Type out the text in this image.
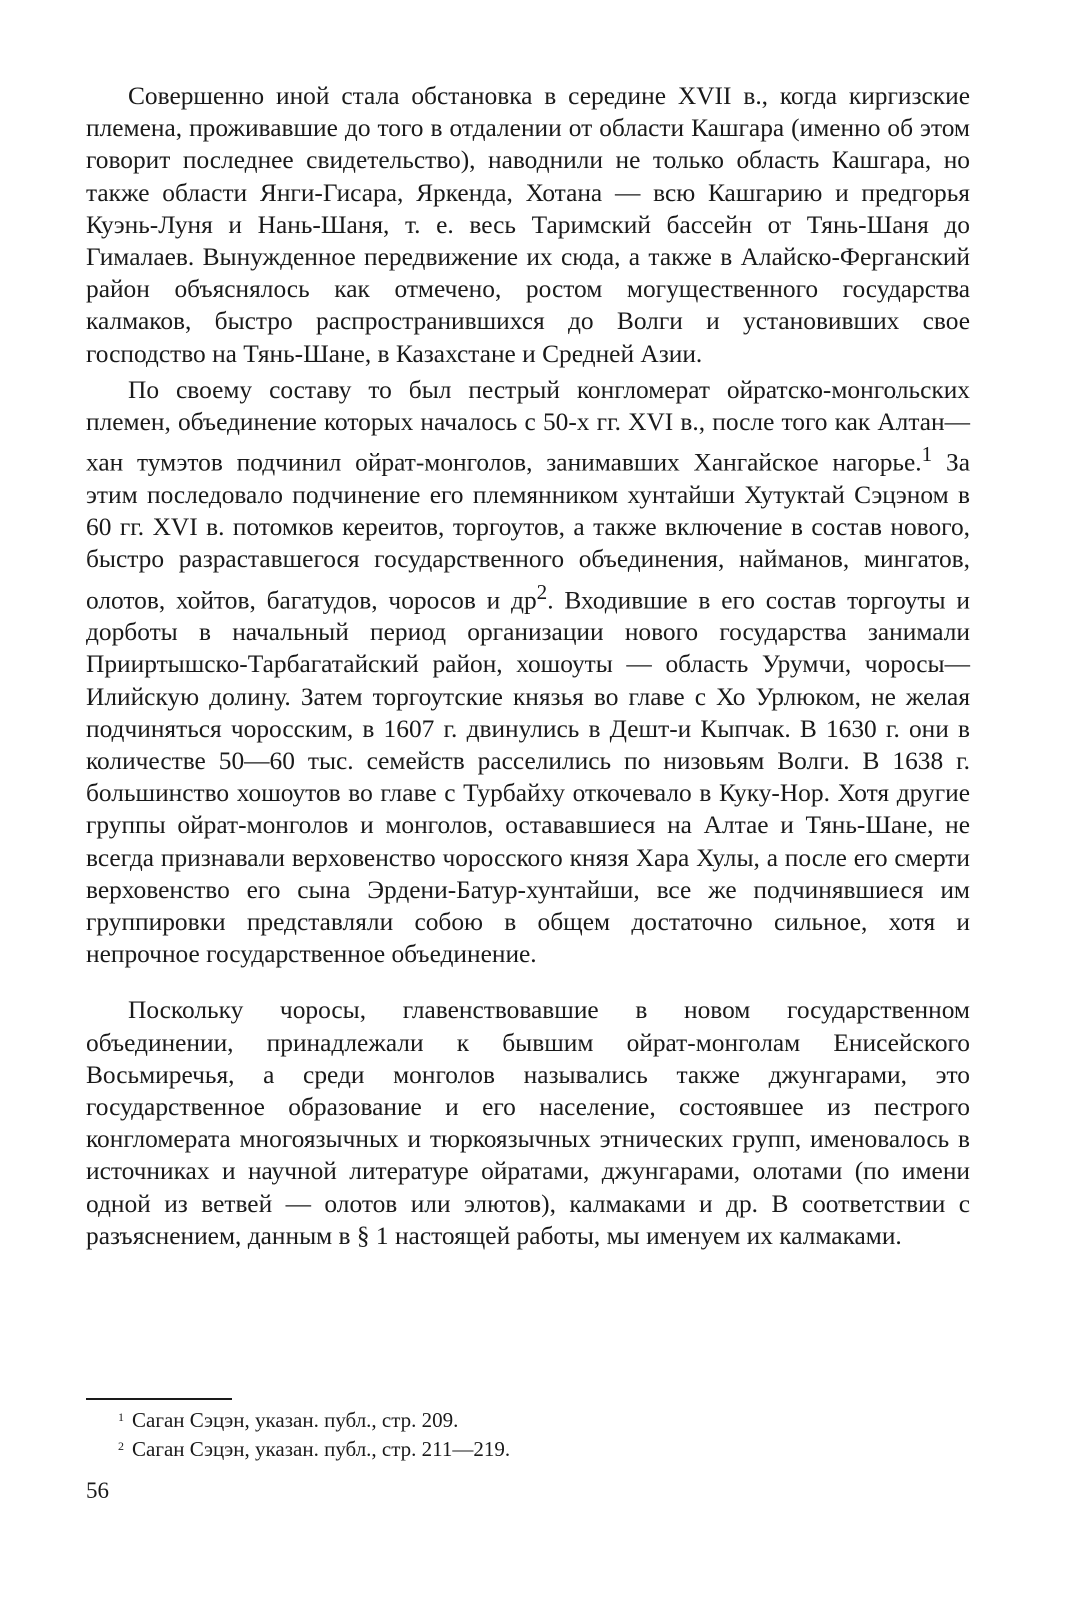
Совершенно иной стала обстановка в середине XVII в., когда киргизские племена, проживавшие до того в отдалении от области Кашгара (именно об этом говорит последнее свидетельство), наводнили не только область Кашгара, но также области Янги-Гисара, Яркенда, Хотана — всю Кашгарию и предгорья Куэнь-Луня и Нань-Шаня, т. е. весь Таримский бассейн от Тянь-Шаня до Гималаев. Вынужденное передвижение их сюда, а также в Алайско-Ферганский район объяснялось как отмечено, ростом могущественного государства калмаков, быстро распространившихся до Волги и установивших свое господство на Тянь-Шане, в Казахстане и Средней Азии.

По своему составу то был пестрый конгломерат ойратско-монгольских племен, объединение которых началось с 50-х гг. XVI в., после того как Алтан—хан тумэтов подчинил ойрат-монголов, занимавших Хангайское нагорье.$^1$ За этим последовало подчинение его племянником хунтайши Хутуктай Сэцэном в 60 гг. XVI в. потомков кереитов, торгоутов, а также включение в состав нового, быстро разраставшегося государственного объединения, найманов, мингатов, олотов, хойтов, багатудов, чоросов и $др^2$. Входившие в его состав торгоуты и дорботы в начальный период организации нового государства занимали Прииртышско-Тарбагатайский район, хошоуты — область Урумчи, чоросы—Илийскую долину. Затем торгоутские князья во главе с Хо Урлюком, не желая подчиняться чоросским, в 1607 г. двинулись в Дешт-и Кыпчак. В 1630 г. они в количестве 50—60 тыс. семейств расселились по низовьям Волги. В 1638 г. большинство хошоутов во главе с Турбайху откочевало в Куку-Нор. Хотя другие группы ойрат-монголов и монголов, остававшиеся на Алтае и Тянь-Шане, не всегда признавали верховенство чоросского князя Хара Хулы, а после его смерти верховенство его сына Эрдени-Батур-хунтайши, все же подчинявшиеся им группировки представляли собою в общем достаточно сильное, хотя и непрочное государственное объединение.

Поскольку чоросы, главенствовавшие в новом государственном объединении, принадлежали к бывшим ойрат-монголам Енисейского Восьмиречья, а среди монголов назывались также джунгарами, это государственное образование и его население, состоявшее из пестрого конгломерата многоязычных и тюркоязычных этнических групп, именовалось в источниках и научной литературе ойратами, джунгарами, олотами (по имени одной из ветвей — олотов или элютов), калмаками и др. В соответствии с разъяснением, данным в § 1 настоящей работы, мы именуем их калмаками.

$^1$ Саган Сэцэн, указан. публ., стр. 209.

$^2$ Саган Сэцэн, указан. публ., стр. 211—219.

56
